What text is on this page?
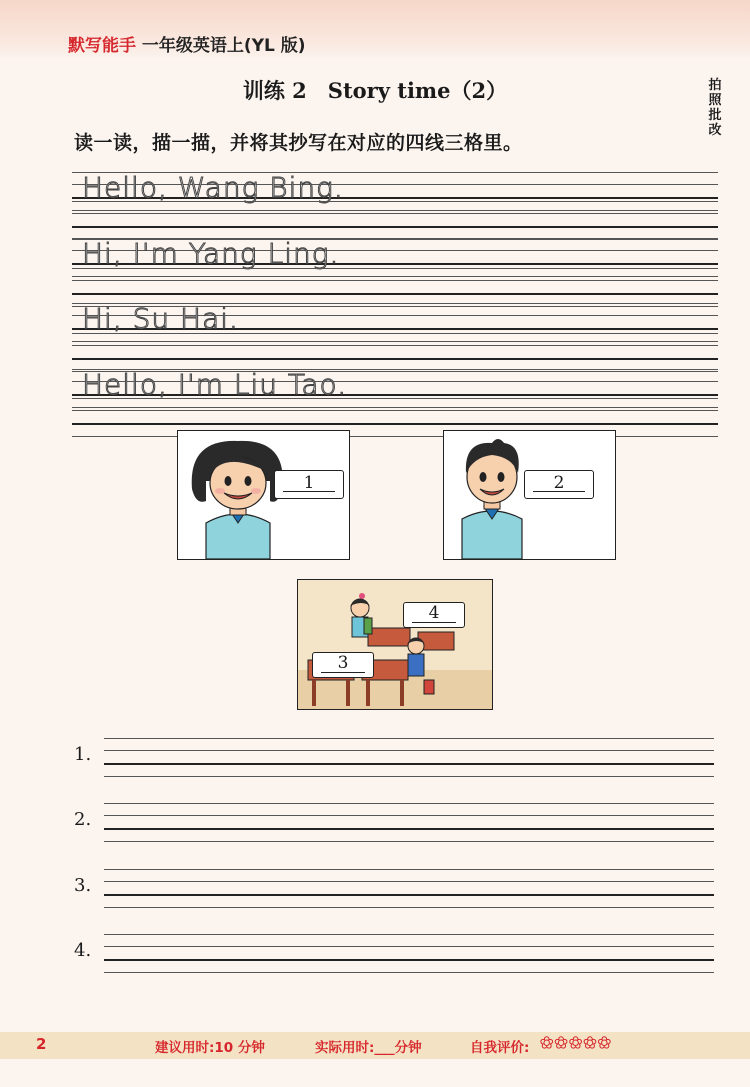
默写能手 一年级英语上(YL 版)
训练 2　Story time（2）	拍照批改
读一读，描一描，并将其抄写在对应的四线三格里。
Hello, Wang Bing.
Hi, I'm Yang Ling.
Hi, Su Hai.
Hello, I'm Liu Tao.
1	2
4
3
1.
2.
3.
4.
2	建议用时:10 分钟	实际用时:___分钟	自我评价: ✿✿✿✿✿
